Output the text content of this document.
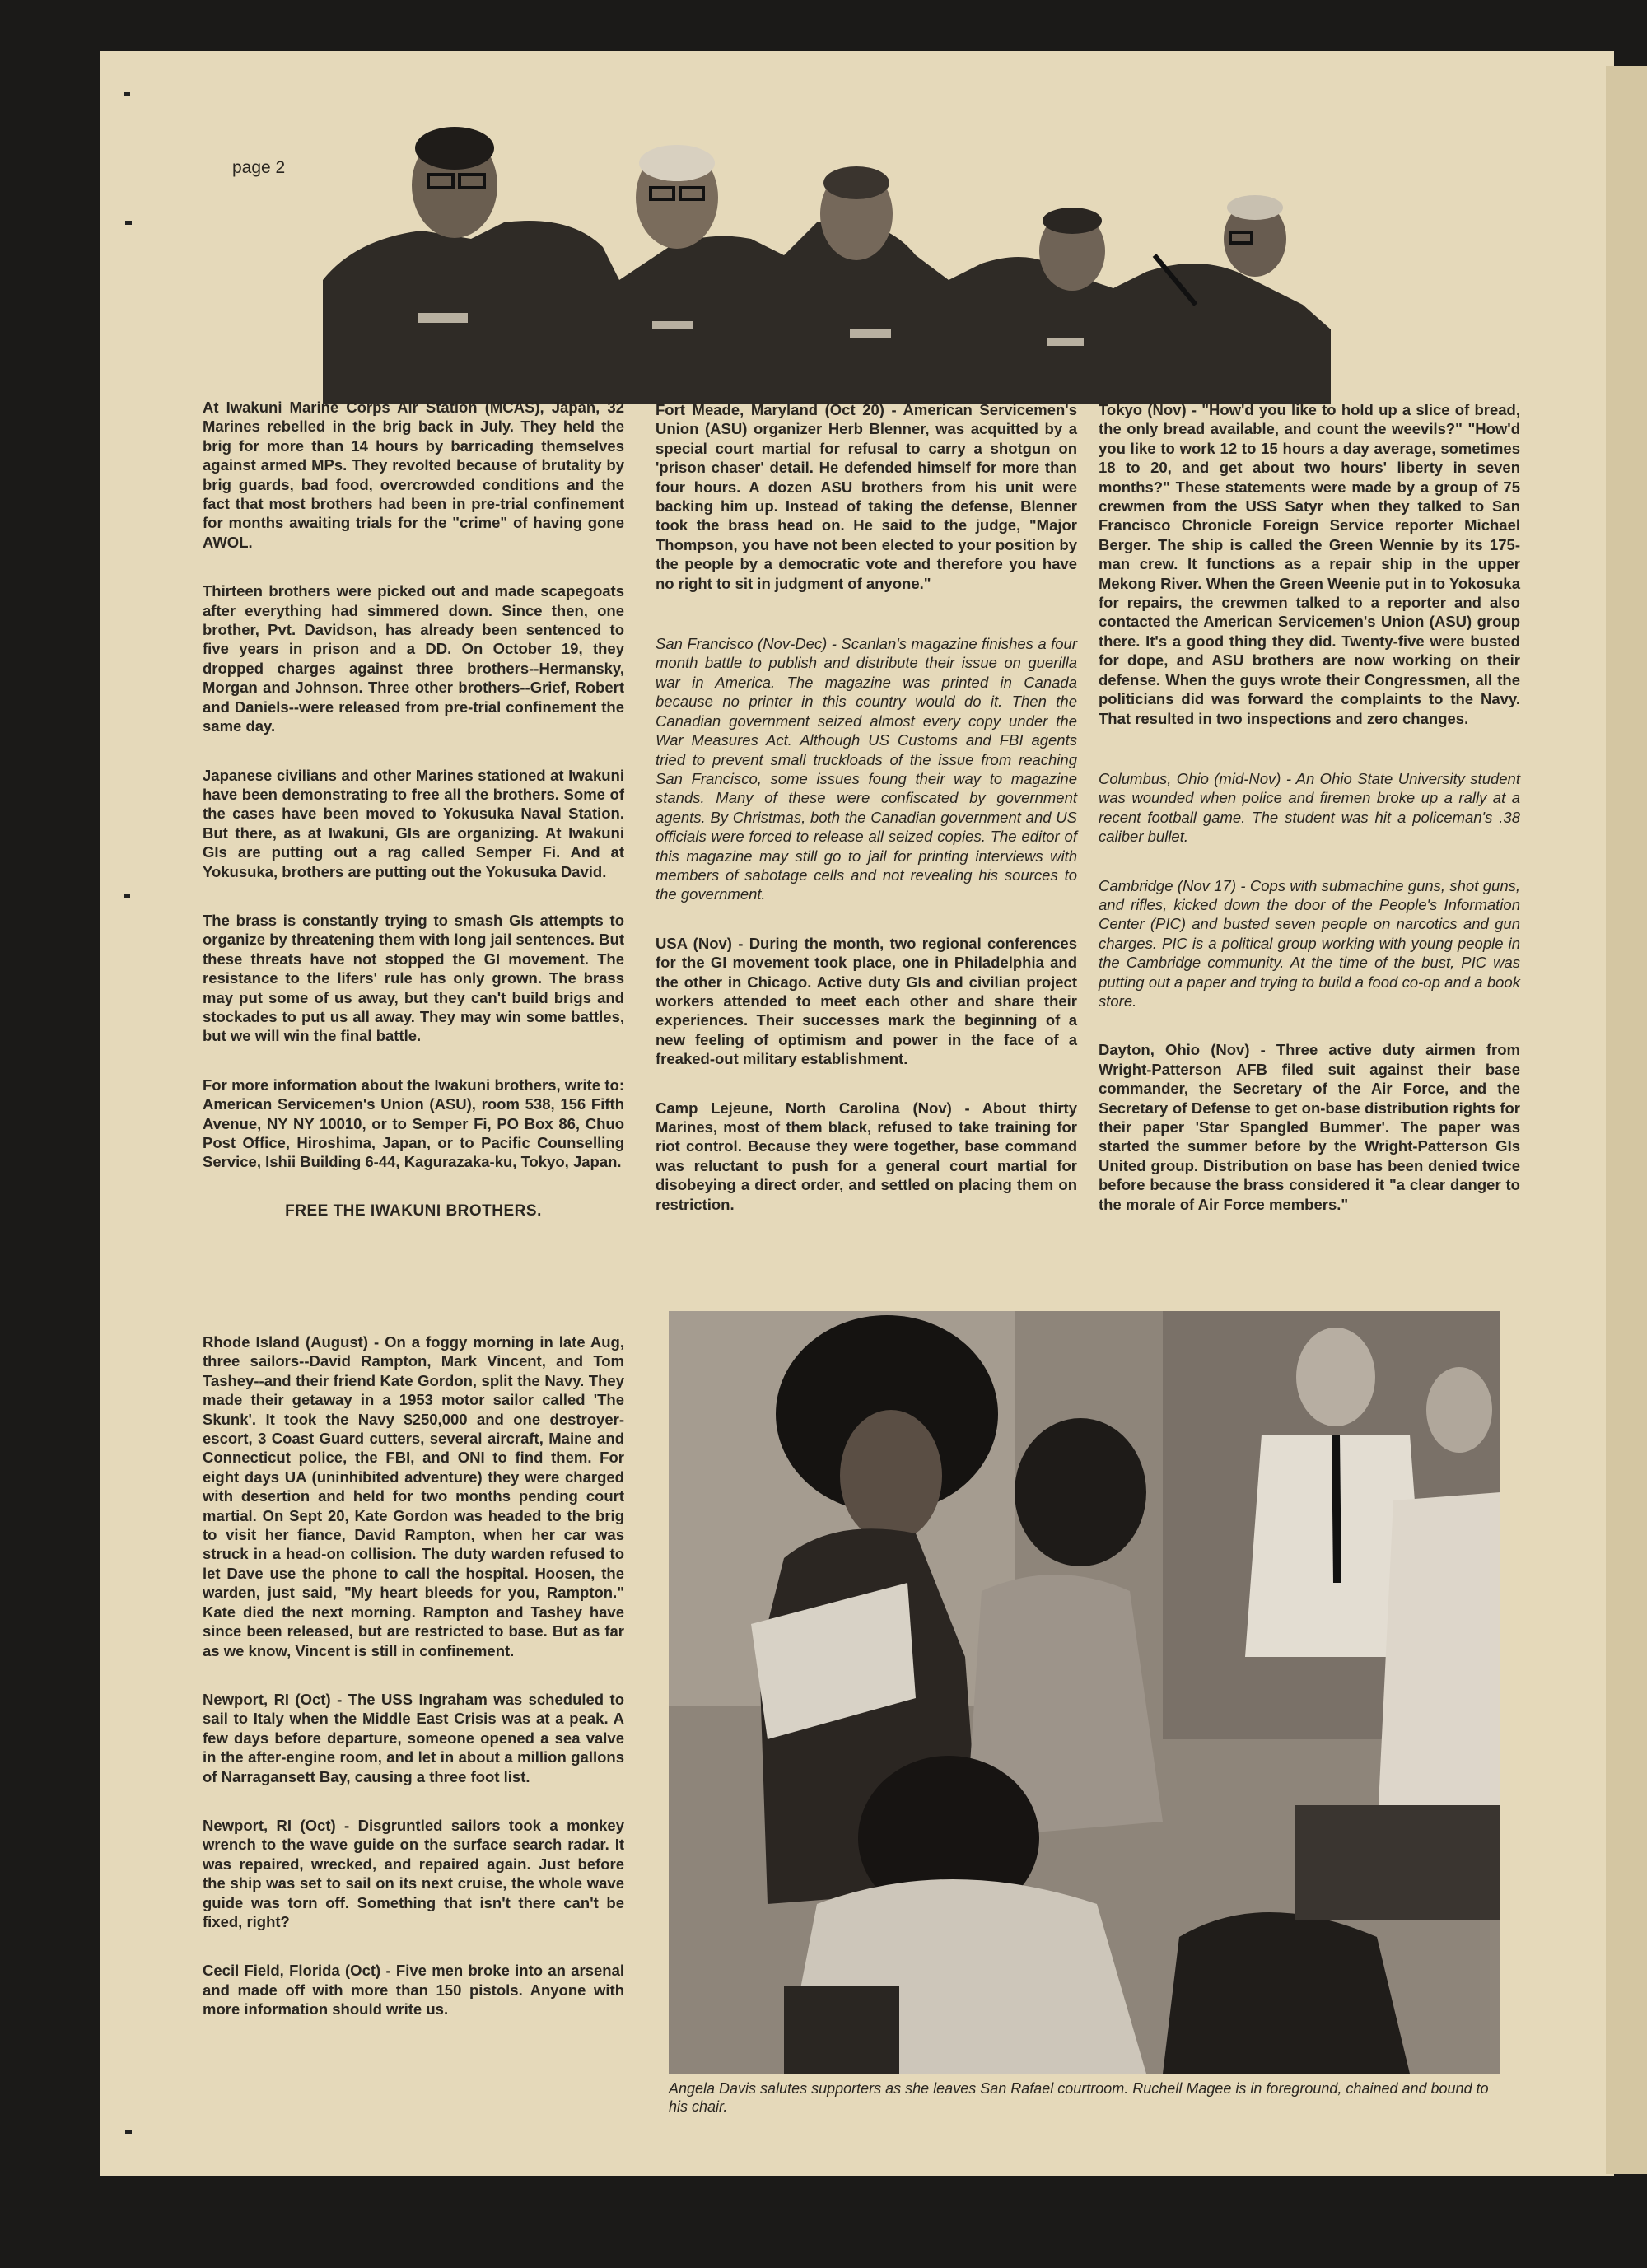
page 2
Angela Davis salutes supporters as she leaves San Rafael courtroom. Ruchell Magee is in foreground, chained and bound to his chair.

At Iwakuni Marine Corps Air Station (MCAS), Japan, 32 Marines rebelled in the brig back in July. They held the brig for more than 14 hours by barricading themselves against armed MPs. They revolted because of brutality by brig guards, bad food, overcrowded conditions and the fact that most brothers had been in pre-trial confinement for months awaiting trials for the "crime" of having gone AWOL.

Thirteen brothers were picked out and made scapegoats after everything had simmered down. Since then, one brother, Pvt. Davidson, has already been sentenced to five years in prison and a DD. On October 19, they dropped charges against three brothers--Hermansky, Morgan and Johnson. Three other brothers--Grief, Robert and Daniels--were released from pre-trial confinement the same day.

Japanese civilians and other Marines stationed at Iwakuni have been demonstrating to free all the brothers. Some of the cases have been moved to Yokusuka Naval Station. But there, as at Iwakuni, GIs are organizing. At Iwakuni GIs are putting out a rag called Semper Fi. And at Yokusuka, brothers are putting out the Yokusuka David.

The brass is constantly trying to smash GIs attempts to organize by threatening them with long jail sentences. But these threats have not stopped the GI movement. The resistance to the lifers' rule has only grown. The brass may put some of us away, but they can't build brigs and stockades to put us all away. They may win some battles, but we will win the final battle.

For more information about the Iwakuni brothers, write to: American Servicemen's Union (ASU), room 538, 156 Fifth Avenue, NY NY 10010, or to Semper Fi, PO Box 86, Chuo Post Office, Hiroshima, Japan, or to Pacific Counselling Service, Ishii Building 6-44, Kagurazaka-ku, Tokyo, Japan.

FREE THE IWAKUNI BROTHERS.

Rhode Island (August) - On a foggy morning in late Aug, three sailors--David Rampton, Mark Vincent, and Tom Tashey--and their friend Kate Gordon, split the Navy. They made their getaway in a 1953 motor sailor called 'The Skunk'. It took the Navy $250,000 and one destroyer-escort, 3 Coast Guard cutters, several aircraft, Maine and Connecticut police, the FBI, and ONI to find them. For eight days UA (uninhibited adventure) they were charged with desertion and held for two months pending court martial. On Sept 20, Kate Gordon was headed to the brig to visit her fiance, David Rampton, when her car was struck in a head-on collision. The duty warden refused to let Dave use the phone to call the hospital. Hoosen, the warden, just said, "My heart bleeds for you, Rampton." Kate died the next morning. Rampton and Tashey have since been released, but are restricted to base. But as far as we know, Vincent is still in confinement.

Newport, RI (Oct) - The USS Ingraham was scheduled to sail to Italy when the Middle East Crisis was at a peak. A few days before departure, someone opened a sea valve in the after-engine room, and let in about a million gallons of Narragansett Bay, causing a three foot list.

Newport, RI (Oct) - Disgruntled sailors took a monkey wrench to the wave guide on the surface search radar. It was repaired, wrecked, and repaired again. Just before the ship was set to sail on its next cruise, the whole wave guide was torn off. Something that isn't there can't be fixed, right?

Cecil Field, Florida (Oct) - Five men broke into an arsenal and made off with more than 150 pistols. Anyone with more information should write us.

Fort Meade, Maryland (Oct 20) - American Servicemen's Union (ASU) organizer Herb Blenner, was acquitted by a special court martial for refusal to carry a shotgun on 'prison chaser' detail. He defended himself for more than four hours. A dozen ASU brothers from his unit were backing him up. Instead of taking the defense, Blenner took the brass head on. He said to the judge, "Major Thompson, you have not been elected to your position by the people by a democratic vote and therefore you have no right to sit in judgment of anyone."

San Francisco (Nov-Dec) - Scanlan's magazine finishes a four month battle to publish and distribute their issue on guerilla war in America. The magazine was printed in Canada because no printer in this country would do it. Then the Canadian government seized almost every copy under the War Measures Act. Although US Customs and FBI agents tried to prevent small truckloads of the issue from reaching San Francisco, some issues foung their way to magazine stands. Many of these were confiscated by government agents. By Christmas, both the Canadian government and US officials were forced to release all seized copies. The editor of this magazine may still go to jail for printing interviews with members of sabotage cells and not revealing his sources to the government.

USA (Nov) - During the month, two regional conferences for the GI movement took place, one in Philadelphia and the other in Chicago. Active duty GIs and civilian project workers attended to meet each other and share their experiences. Their successes mark the beginning of a new feeling of optimism and power in the face of a freaked-out military establishment.

Camp Lejeune, North Carolina (Nov) - About thirty Marines, most of them black, refused to take training for riot control. Because they were together, base command was reluctant to push for a general court martial for disobeying a direct order, and settled on placing them on restriction.

Tokyo (Nov) - "How'd you like to hold up a slice of bread, the only bread available, and count the weevils?" "How'd you like to work 12 to 15 hours a day average, sometimes 18 to 20, and get about two hours' liberty in seven months?" These statements were made by a group of 75 crewmen from the USS Satyr when they talked to San Francisco Chronicle Foreign Service reporter Michael Berger. The ship is called the Green Wennie by its 175-man crew. It functions as a repair ship in the upper Mekong River. When the Green Weenie put in to Yokosuka for repairs, the crewmen talked to a reporter and also contacted the American Servicemen's Union (ASU) group there. It's a good thing they did. Twenty-five were busted for dope, and ASU brothers are now working on their defense. When the guys wrote their Congressmen, all the politicians did was forward the complaints to the Navy. That resulted in two inspections and zero changes.

Columbus, Ohio (mid-Nov) - An Ohio State University student was wounded when police and firemen broke up a rally at a recent football game. The student was hit a policeman's .38 caliber bullet.

Cambridge (Nov 17) - Cops with submachine guns, shot guns, and rifles, kicked down the door of the People's Information Center (PIC) and busted seven people on narcotics and gun charges. PIC is a political group working with young people in the Cambridge community. At the time of the bust, PIC was putting out a paper and trying to build a food co-op and a book store.

Dayton, Ohio (Nov) - Three active duty airmen from Wright-Patterson AFB filed suit against their base commander, the Secretary of the Air Force, and the Secretary of Defense to get on-base distribution rights for their paper 'Star Spangled Bummer'. The paper was started the summer before by the Wright-Patterson GIs United group. Distribution on base has been denied twice before because the brass considered it "a clear danger to the morale of Air Force members."
